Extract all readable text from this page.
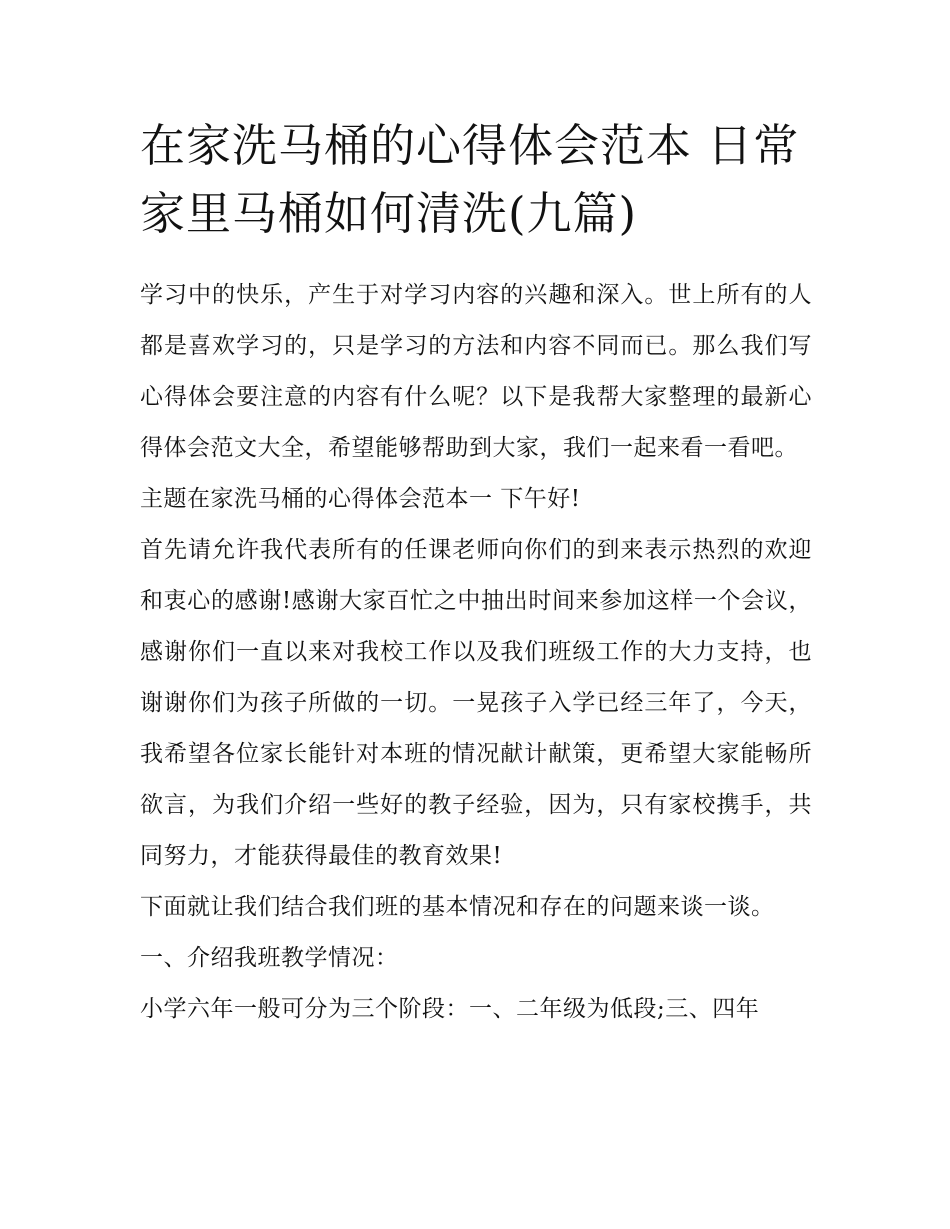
在家洗马桶的心得体会范本 日常家里马桶如何清洗(九篇)

学习中的快乐，产生于对学习内容的兴趣和深入。世上所有的人都是喜欢学习的，只是学习的方法和内容不同而已。那么我们写心得体会要注意的内容有什么呢？以下是我帮大家整理的最新心得体会范文大全，希望能够帮助到大家，我们一起来看一看吧。

主题在家洗马桶的心得体会范本一 下午好!

首先请允许我代表所有的任课老师向你们的到来表示热烈的欢迎和衷心的感谢!感谢大家百忙之中抽出时间来参加这样一个会议，感谢你们一直以来对我校工作以及我们班级工作的大力支持，也谢谢你们为孩子所做的一切。一晃孩子入学已经三年了，今天，我希望各位家长能针对本班的情况献计献策，更希望大家能畅所欲言，为我们介绍一些好的教子经验，因为，只有家校携手，共同努力，才能获得最佳的教育效果!

下面就让我们结合我们班的基本情况和存在的问题来谈一谈。

一、介绍我班教学情况：

小学六年一般可分为三个阶段：一、二年级为低段;三、四年
